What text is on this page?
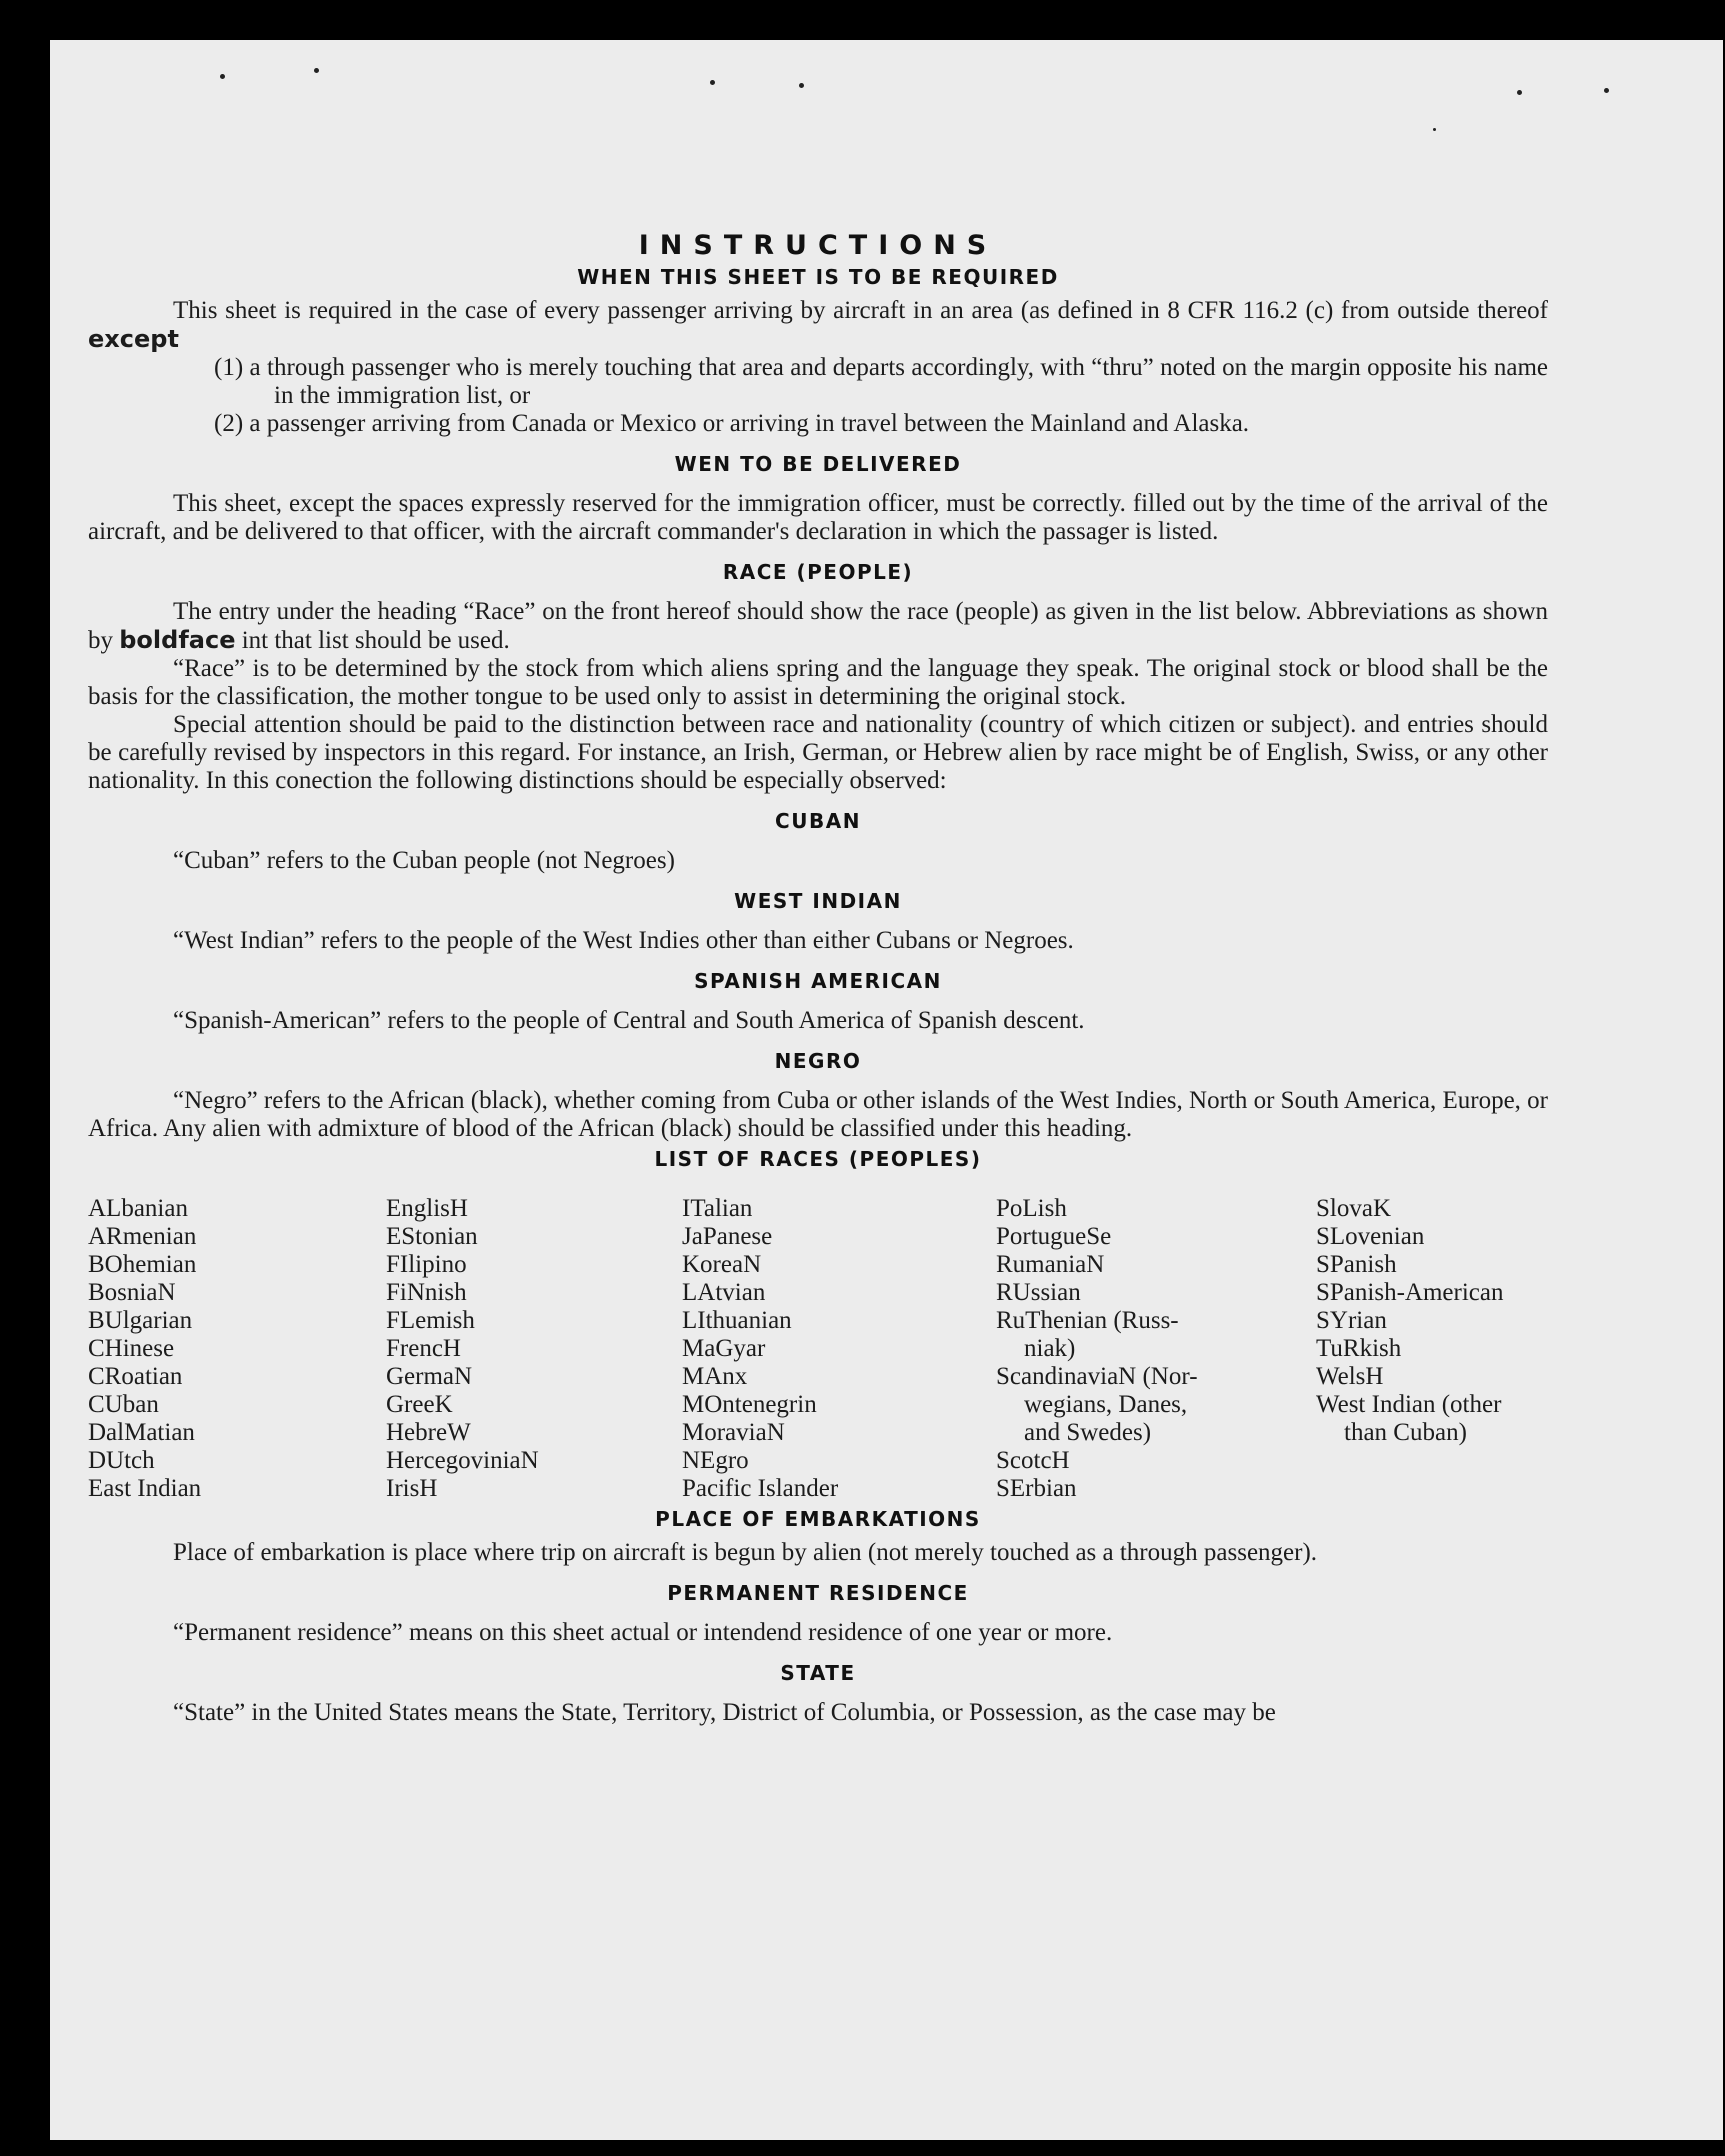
INSTRUCTIONS
WHEN THIS SHEET IS TO BE REQUIRED

This sheet is required in the case of every passenger arriving by aircraft in an area (as defined in 8 CFR 116.2 (c) from outside thereof except

(1) a through passenger who is merely touching that area and departs accordingly, with “thru” noted on the margin opposite his name in the immigration list, or

(2) a passenger arriving from Canada or Mexico or arriving in travel between the Mainland and Alaska.

WEN TO BE DELIVERED

This sheet, except the spaces expressly reserved for the immigration officer, must be correctly. filled out by the time of the arrival of the aircraft, and be delivered to that officer, with the aircraft commander's declaration in which the passager is listed.

RACE (PEOPLE)

The entry under the heading “Race” on the front hereof should show the race (people) as given in the list below. Abbreviations as shown by boldface int that list should be used.

“Race” is to be determined by the stock from which aliens spring and the language they speak. The original stock or blood shall be the basis for the classification, the mother tongue to be used only to assist in determining the original stock.

Special attention should be paid to the distinction between race and nationality (country of which citizen or subject). and entries should be carefully revised by inspectors in this regard. For instance, an Irish, German, or Hebrew alien by race might be of English, Swiss, or any other nationality. In this conection the following distinctions should be especially observed:

CUBAN

“Cuban” refers to the Cuban people (not Negroes)

WEST INDIAN

“West Indian” refers to the people of the West Indies other than either Cubans or Negroes.

SPANISH AMERICAN

“Spanish-American” refers to the people of Central and South America of Spanish descent.

NEGRO

“Negro” refers to the African (black), whether coming from Cuba or other islands of the West Indies, North or South America, Europe, or Africa. Any alien with admixture of blood of the African (black) should be classified under this heading.

LIST OF RACES (PEOPLES)
ALbanian
ARmenian
BOhemian
BosniaN
BUlgarian
CHinese
CRoatian
CUban
DalMatian
DUtch
East Indian
EnglisH
EStonian
FIlipino
FiNnish
FLemish
FrencH
GermaN
GreeK
HebreW
HercegoviniaN
IrisH
ITalian
JaPanese
KoreaN
LAtvian
LIthuanian
MaGyar
MAnx
MOntenegrin
MoraviaN
NEgro
Pacific Islander
PoLish
PortugueSe
RumaniaN
RUssian
RuThenian (Russ-
niak)
ScandinaviaN (Nor-
wegians, Danes,
and Swedes)
ScotcH
SErbian
SlovaK
SLovenian
SPanish
SPanish-American
SYrian
TuRkish
WelsH
West Indian (other
than Cuban)
PLACE OF EMBARKATIONS

Place of embarkation is place where trip on aircraft is begun by alien (not merely touched as a through passenger).

PERMANENT RESIDENCE

“Permanent residence” means on this sheet actual or intendend residence of one year or more.

STATE

“State” in the United States means the State, Territory, District of Columbia, or Possession, as the case may be
